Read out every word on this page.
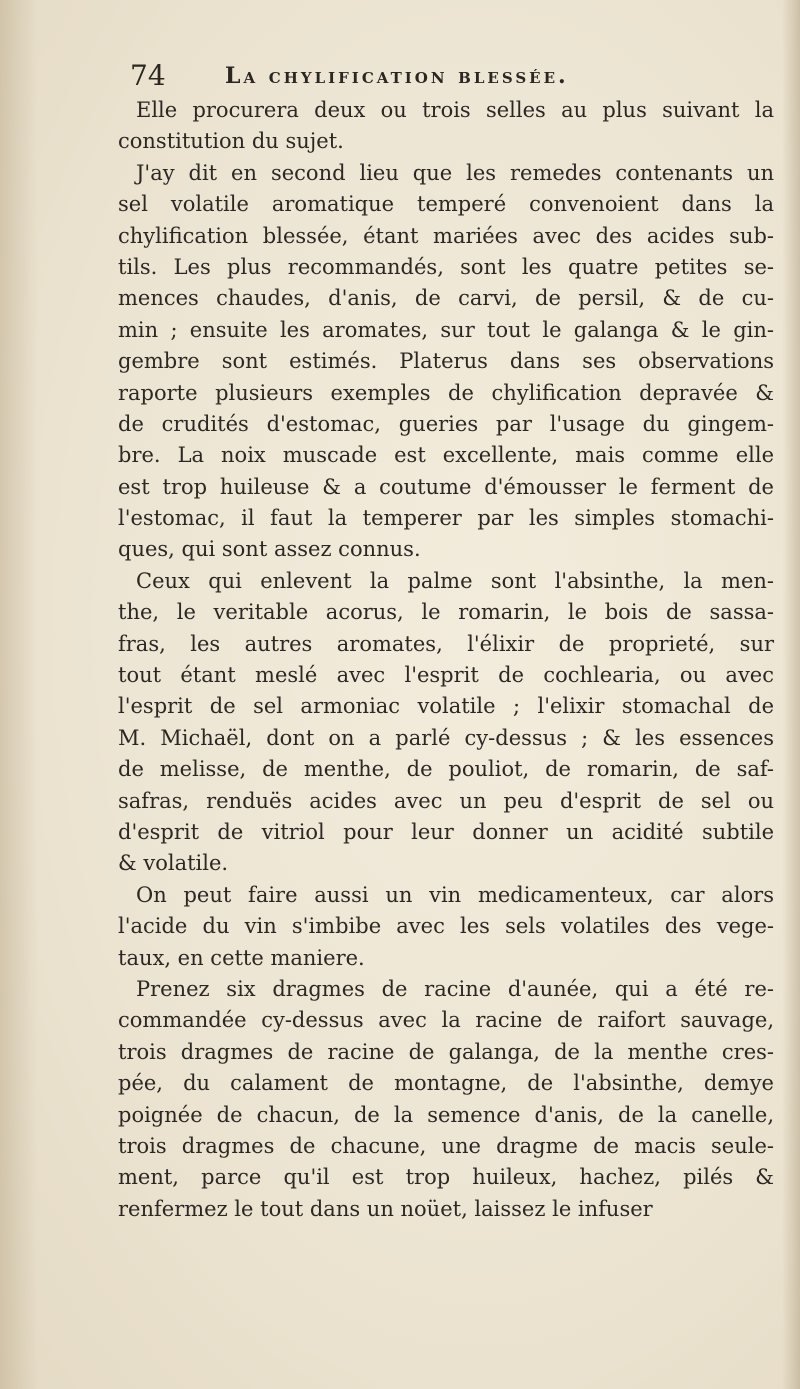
74	La chylification blessée.
Elle procurera deux ou trois selles au plus suivant la
constitution du sujet.
J'ay dit en second lieu que les remedes contenants un
sel volatile aromatique temperé convenoient dans la
chylification blessée, étant mariées avec des acides sub-
tils. Les plus recommandés, sont les quatre petites se-
mences chaudes, d'anis, de carvi, de persil, & de cu-
min ; ensuite les aromates, sur tout le galanga & le gin-
gembre sont estimés. Platerus dans ses observations
raporte plusieurs exemples de chylification depravée &
de crudités d'estomac, gueries par l'usage du gingem-
bre. La noix muscade est excellente, mais comme elle
est trop huileuse & a coutume d'émousser le ferment de
l'estomac, il faut la temperer par les simples stomachi-
ques, qui sont assez connus.
Ceux qui enlevent la palme sont l'absinthe, la men-
the, le veritable acorus, le romarin, le bois de sassa-
fras, les autres aromates, l'élixir de proprieté, sur
tout étant meslé avec l'esprit de cochlearia, ou avec
l'esprit de sel armoniac volatile ; l'elixir stomachal de
M. Michaël, dont on a parlé cy-dessus ; & les essences
de melisse, de menthe, de pouliot, de romarin, de saf-
safras, renduës acides avec un peu d'esprit de sel ou
d'esprit de vitriol pour leur donner un acidité subtile
& volatile.
On peut faire aussi un vin medicamenteux, car alors
l'acide du vin s'imbibe avec les sels volatiles des vege-
taux, en cette maniere.
Prenez six dragmes de racine d'aunée, qui a été re-
commandée cy-dessus avec la racine de raifort sauvage,
trois dragmes de racine de galanga, de la menthe cres-
pée, du calament de montagne, de l'absinthe, demye
poignée de chacun, de la semence d'anis, de la canelle,
trois dragmes de chacune, une dragme de macis seule-
ment, parce qu'il est trop huileux, hachez, pilés &
renfermez le tout dans un noüet, laissez le infuser
